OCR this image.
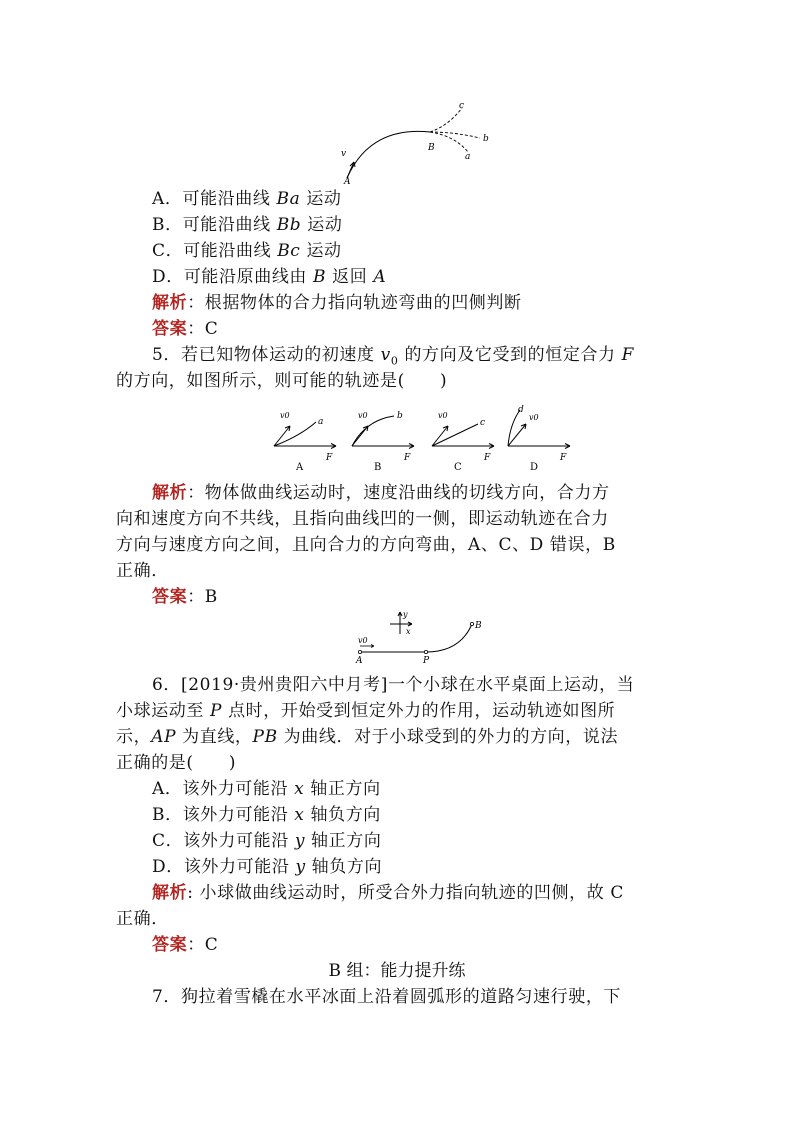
v
A
B
c
b
a
A．可能沿曲线 Ba 运动
B．可能沿曲线 Bb 运动
C．可能沿曲线 Bc 运动
D．可能沿原曲线由 B 返回 A
解析：根据物体的合力指向轨迹弯曲的凹侧判断
答案：C
5．若已知物体运动的初速度 $v_0$ 的方向及它受到的恒定合力 F
的方向，如图所示，则可能的轨迹是(　　)
v0
a
F
A
v0	b
F
B
v0
c
F
C
d
v0
F
D
解析：物体做曲线运动时，速度沿曲线的切线方向，合力方
向和速度方向不共线，且指向曲线凹的一侧，即运动轨迹在合力
方向与速度方向之间，且向合力的方向弯曲，A、C、D 错误，B
正确．
答案：B
y
x
v0
A	P
B
6．[2019·贵州贵阳六中月考]一个小球在水平桌面上运动，当
小球运动至 P 点时，开始受到恒定外力的作用，运动轨迹如图所
示，AP 为直线，PB 为曲线．对于小球受到的外力的方向，说法
正确的是(　　)
A．该外力可能沿 x 轴正方向
B．该外力可能沿 x 轴负方向
C．该外力可能沿 y 轴正方向
D．该外力可能沿 y 轴负方向
解析: 小球做曲线运动时，所受合外力指向轨迹的凹侧，故 C
正确．
答案：C
B 组：能力提升练
7．狗拉着雪橇在水平冰面上沿着圆弧形的道路匀速行驶，下
